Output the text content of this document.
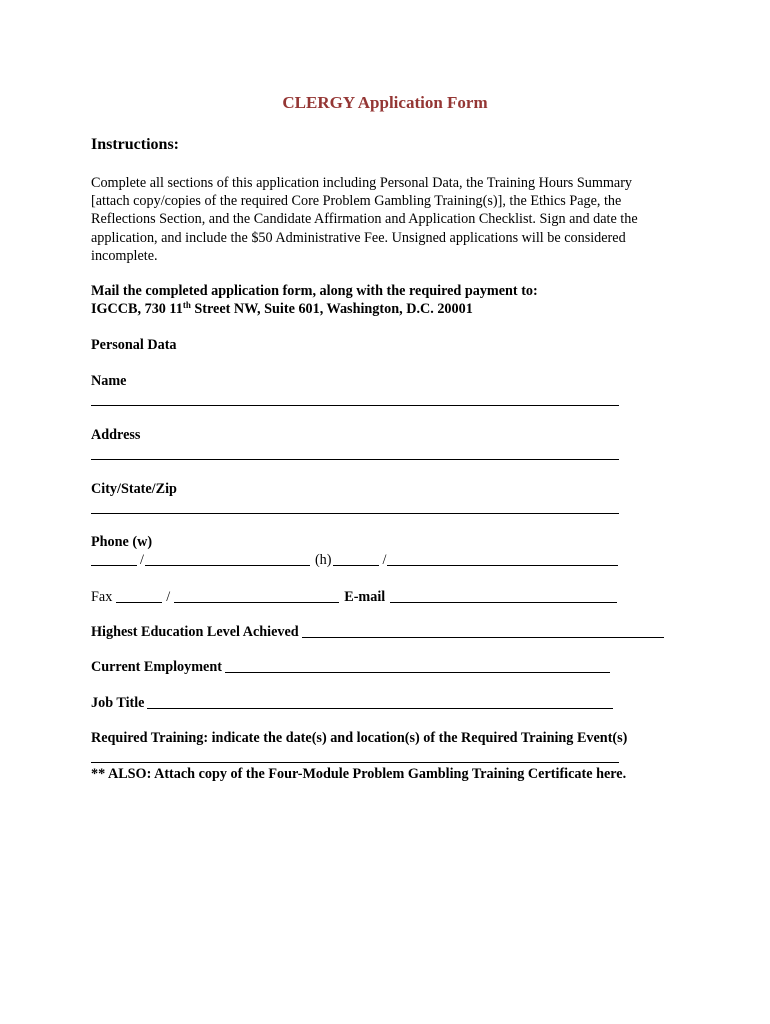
CLERGY Application Form
Instructions:
Complete all sections of this application including Personal Data, the Training Hours Summary
[attach copy/copies of the required Core Problem Gambling Training(s)], the Ethics Page, the
Reflections Section, and the Candidate Affirmation and Application Checklist. Sign and date the
application, and include the $50 Administrative Fee. Unsigned applications will be considered
incomplete.
Mail the completed application form, along with the required payment to:
IGCCB, 730 11th Street NW, Suite 601, Washington, D.C. 20001
Personal Data
Name
Address
City/State/Zip
Phone (w)
/	(h)	/
Fax	/	E-mail
Highest Education Level Achieved
Current Employment
Job Title
Required Training: indicate the date(s) and location(s) of the Required Training Event(s)
** ALSO: Attach copy of the Four-Module Problem Gambling Training Certificate here.
